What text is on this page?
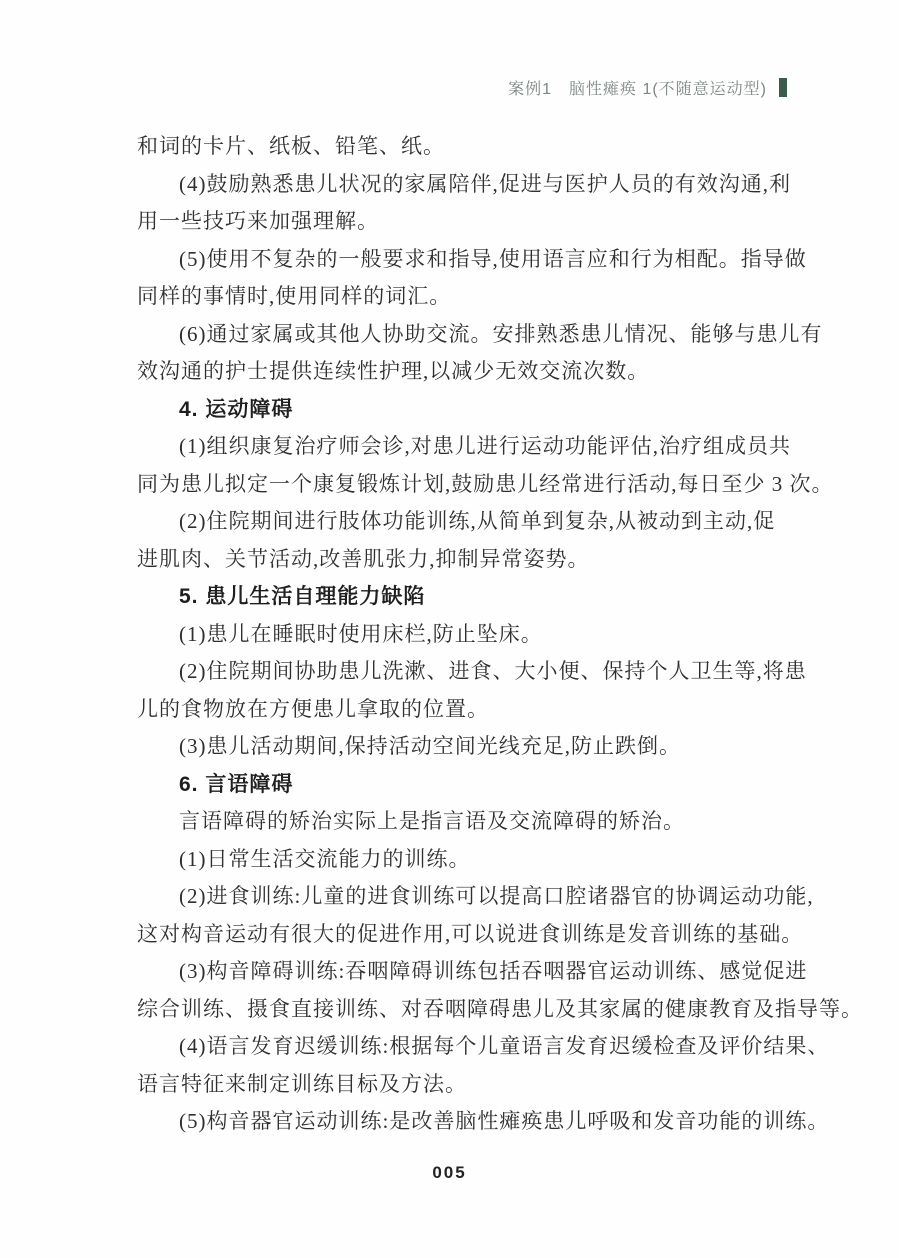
案例1　脑性瘫痪 1(不随意运动型)
和词的卡片、纸板、铅笔、纸。
(4)鼓励熟悉患儿状况的家属陪伴,促进与医护人员的有效沟通,利
用一些技巧来加强理解。
(5)使用不复杂的一般要求和指导,使用语言应和行为相配。指导做
同样的事情时,使用同样的词汇。
(6)通过家属或其他人协助交流。安排熟悉患儿情况、能够与患儿有
效沟通的护士提供连续性护理,以减少无效交流次数。
4. 运动障碍
(1)组织康复治疗师会诊,对患儿进行运动功能评估,治疗组成员共
同为患儿拟定一个康复锻炼计划,鼓励患儿经常进行活动,每日至少 3 次。
(2)住院期间进行肢体功能训练,从简单到复杂,从被动到主动,促
进肌肉、关节活动,改善肌张力,抑制异常姿势。
5. 患儿生活自理能力缺陷
(1)患儿在睡眠时使用床栏,防止坠床。
(2)住院期间协助患儿洗漱、进食、大小便、保持个人卫生等,将患
儿的食物放在方便患儿拿取的位置。
(3)患儿活动期间,保持活动空间光线充足,防止跌倒。
6. 言语障碍
言语障碍的矫治实际上是指言语及交流障碍的矫治。
(1)日常生活交流能力的训练。
(2)进食训练:儿童的进食训练可以提高口腔诸器官的协调运动功能,
这对构音运动有很大的促进作用,可以说进食训练是发音训练的基础。
(3)构音障碍训练:吞咽障碍训练包括吞咽器官运动训练、感觉促进
综合训练、摄食直接训练、对吞咽障碍患儿及其家属的健康教育及指导等。
(4)语言发育迟缓训练:根据每个儿童语言发育迟缓检查及评价结果、
语言特征来制定训练目标及方法。
(5)构音器官运动训练:是改善脑性瘫痪患儿呼吸和发音功能的训练。
005
